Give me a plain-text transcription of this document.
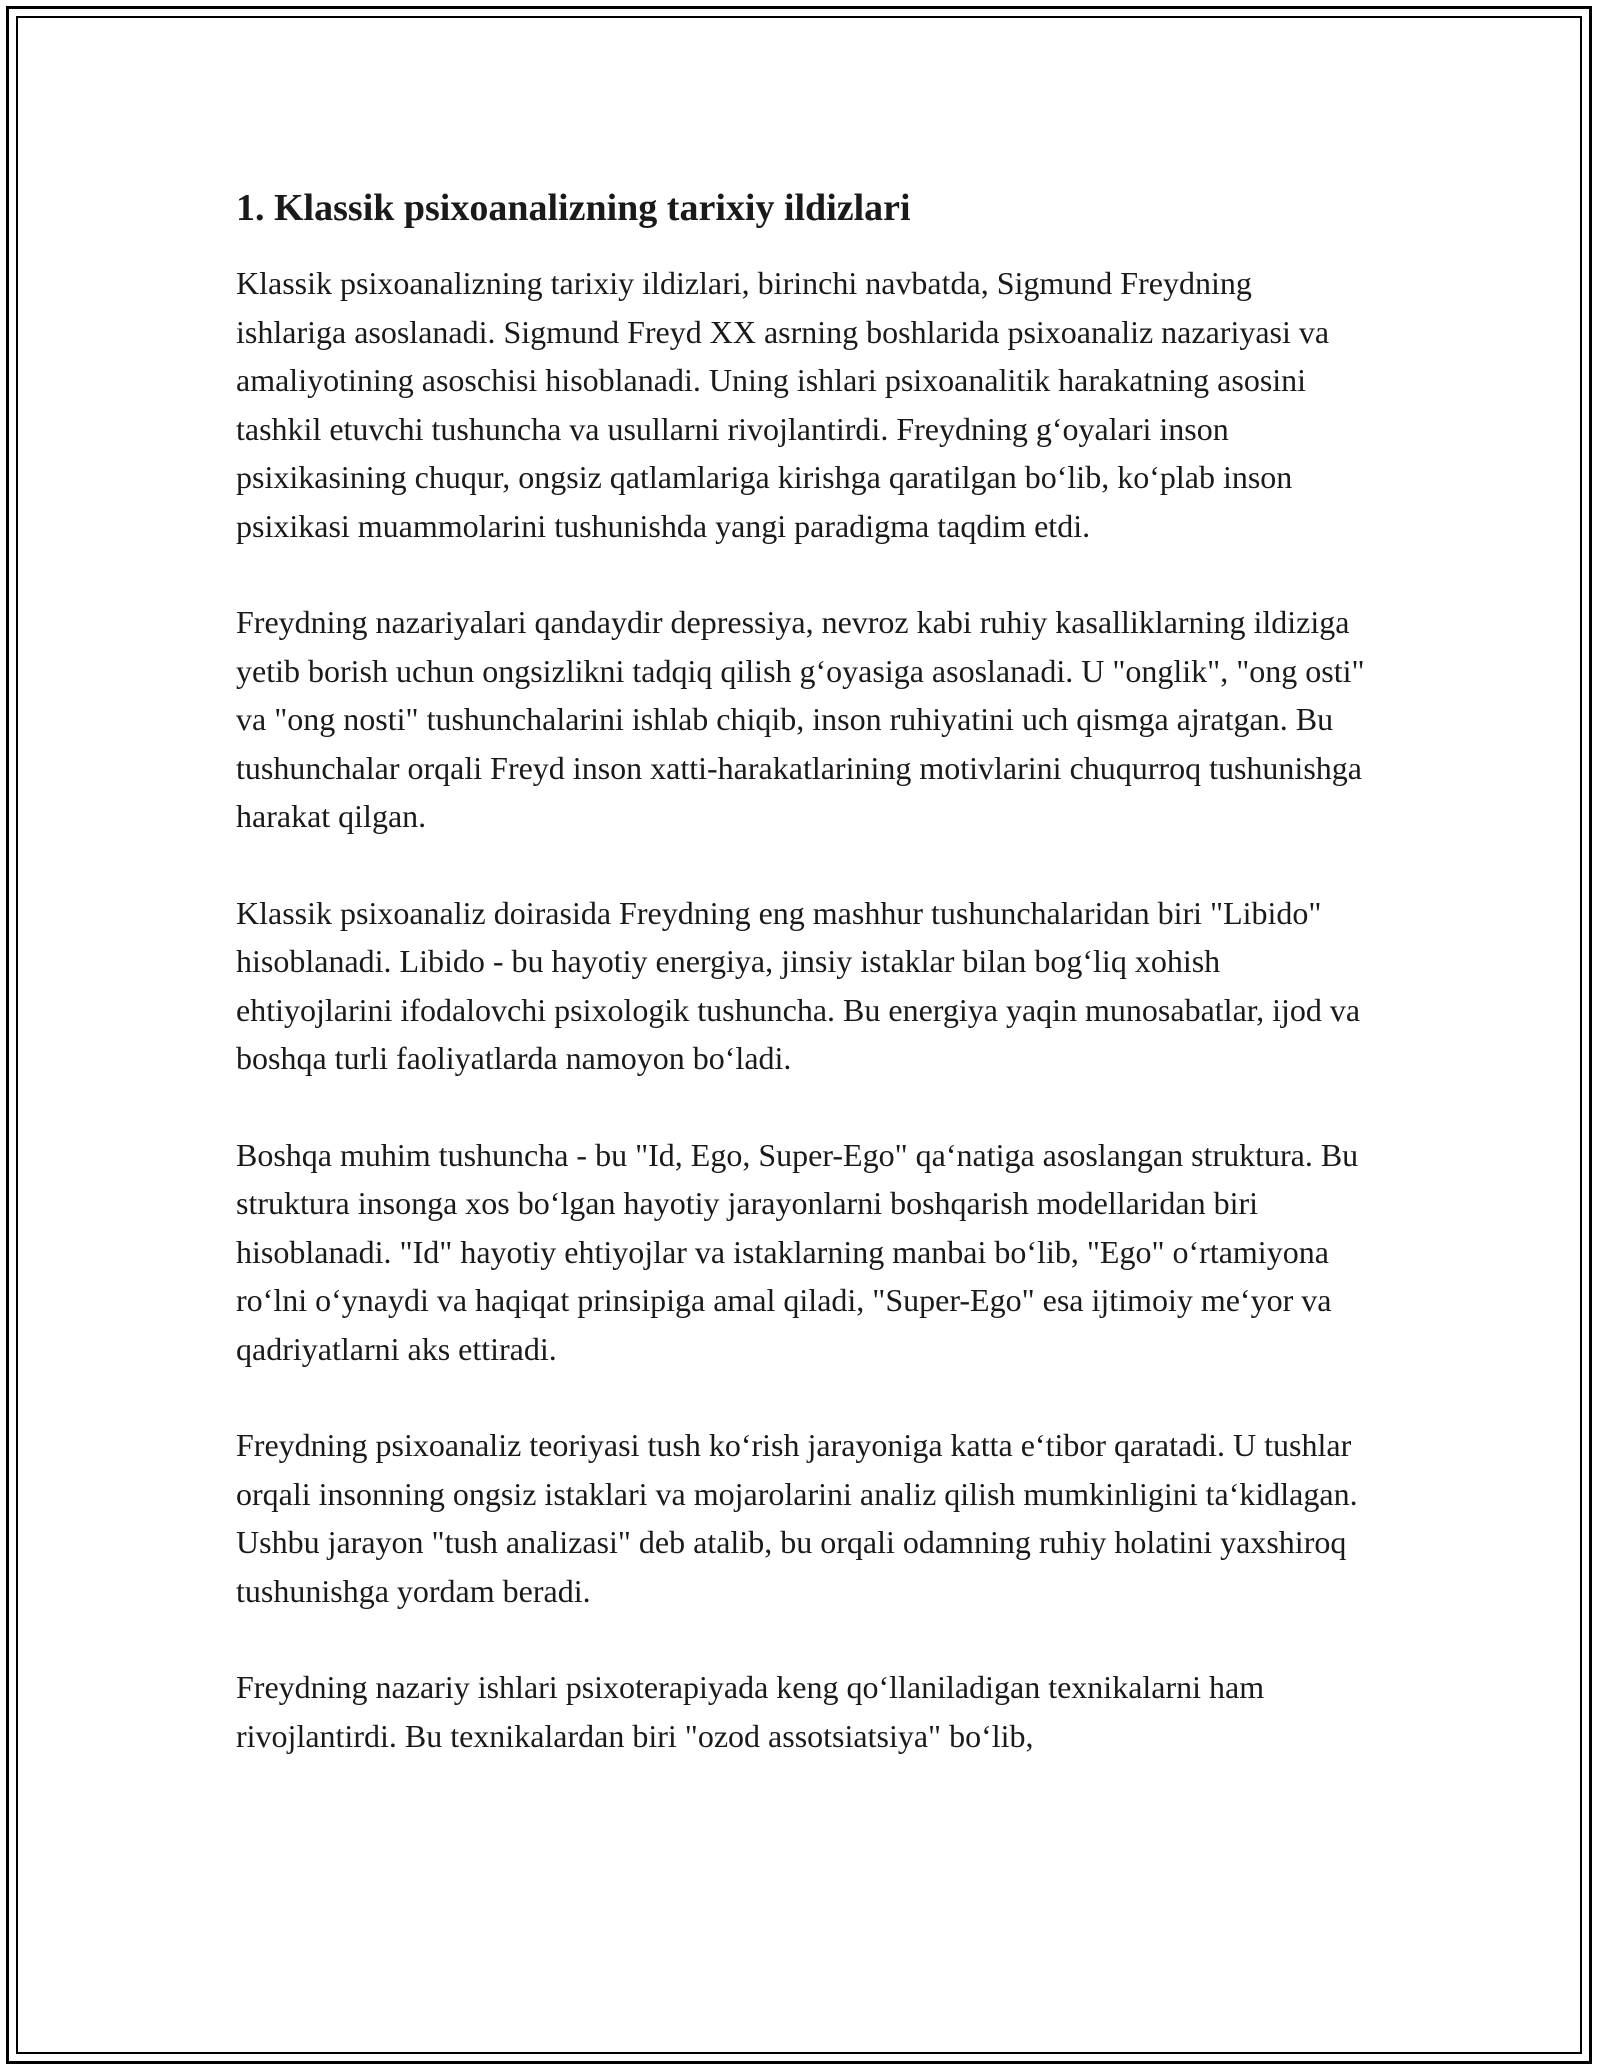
1. Klassik psixoanalizning tarixiy ildizlari

Klassik psixoanalizning tarixiy ildizlari, birinchi navbatda, Sigmund Freydning ishlariga asoslanadi. Sigmund Freyd XX asrning boshlarida psixoanaliz nazariyasi va amaliyotining asoschisi hisoblanadi. Uning ishlari psixoanalitik harakatning asosini tashkil etuvchi tushuncha va usullarni rivojlantirdi. Freydning g‘oyalari inson psixikasining chuqur, ongsiz qatlamlariga kirishga qaratilgan bo‘lib, ko‘plab inson psixikasi muammolarini tushunishda yangi paradigma taqdim etdi.

Freydning nazariyalari qandaydir depressiya, nevroz kabi ruhiy kasalliklarning ildiziga yetib borish uchun ongsizlikni tadqiq qilish g‘oyasiga asoslanadi. U "onglik", "ong osti" va "ong nosti" tushunchalarini ishlab chiqib, inson ruhiyatini uch qismga ajratgan. Bu tushunchalar orqali Freyd inson xatti-harakatlarining motivlarini chuqurroq tushunishga harakat qilgan.

Klassik psixoanaliz doirasida Freydning eng mashhur tushunchalaridan biri "Libido" hisoblanadi. Libido - bu hayotiy energiya, jinsiy istaklar bilan bog‘liq xohish ehtiyojlarini ifodalovchi psixologik tushuncha. Bu energiya yaqin munosabatlar, ijod va boshqa turli faoliyatlarda namoyon bo‘ladi.

Boshqa muhim tushuncha - bu "Id, Ego, Super-Ego" qa‘natiga asoslangan struktura. Bu struktura insonga xos bo‘lgan hayotiy jarayonlarni boshqarish modellaridan biri hisoblanadi. "Id" hayotiy ehtiyojlar va istaklarning manbai bo‘lib, "Ego" o‘rtamiyona ro‘lni o‘ynaydi va haqiqat prinsipiga amal qiladi, "Super-Ego" esa ijtimoiy me‘yor va qadriyatlarni aks ettiradi.

Freydning psixoanaliz teoriyasi tush ko‘rish jarayoniga katta e‘tibor qaratadi. U tushlar orqali insonning ongsiz istaklari va mojarolarini analiz qilish mumkinligini ta‘kidlagan. Ushbu jarayon "tush analizasi" deb atalib, bu orqali odamning ruhiy holatini yaxshiroq tushunishga yordam beradi.

Freydning nazariy ishlari psixoterapiyada keng qo‘llaniladigan texnikalarni ham rivojlantirdi. Bu texnikalardan biri "ozod assotsiatsiya" bo‘lib,
